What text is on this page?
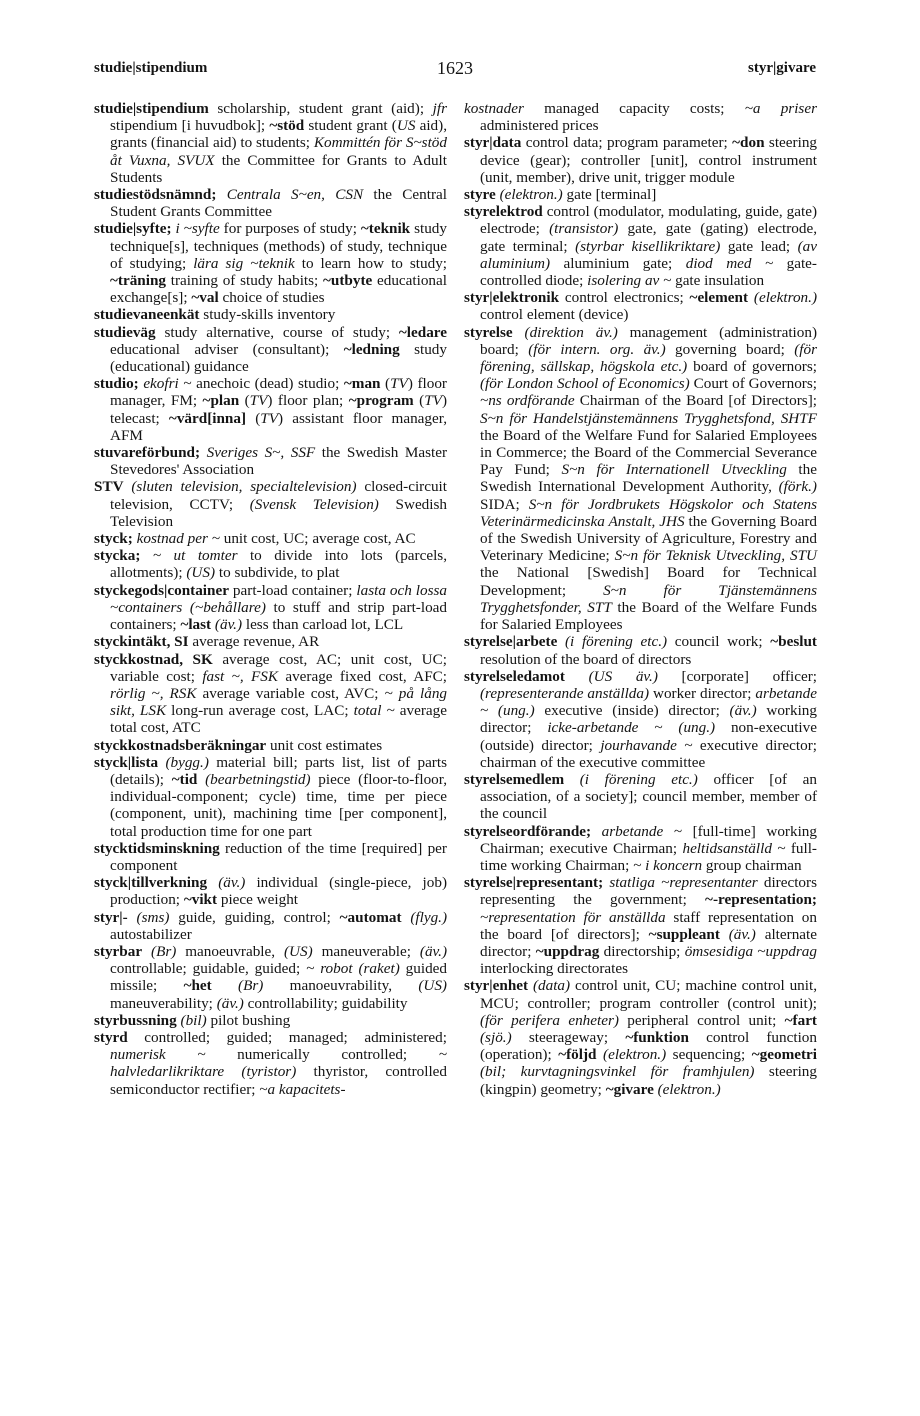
studie|stipendium	1623	styr|givare

studie|stipendium scholarship, student grant (aid); jfr stipendium [i huvudbok]; ~stöd student grant (US aid), grants (financial aid) to students; Kommittén för S~stöd åt Vuxna, SVUX the Committee for Grants to Adult Students

studiestödsnämnd; Centrala S~en, CSN the Central Student Grants Committee

studie|syfte; i ~syfte for purposes of study; ~teknik study technique[s], techniques (methods) of study, technique of studying; lära sig ~teknik to learn how to study; ~träning training of study habits; ~utbyte educational exchange[s]; ~val choice of studies

studievaneenkät study-skills inventory

studieväg study alternative, course of study; ~ledare educational adviser (consultant); ~ledning study (educational) guidance

studio; ekofri ~ anechoic (dead) studio; ~man (TV) floor manager, FM; ~plan (TV) floor plan; ~program (TV) telecast; ~värd[inna] (TV) assistant floor manager, AFM

stuvareförbund; Sveriges S~, SSF the Swedish Master Stevedores' Association

STV (sluten television, specialtelevision) closed-circuit television, CCTV; (Svensk Television) Swedish Television

styck; kostnad per ~ unit cost, UC; average cost, AC

stycka; ~ ut tomter to divide into lots (parcels, allotments); (US) to subdivide, to plat

styckegods|container part-load container; lasta och lossa ~containers (~behållare) to stuff and strip part-load containers; ~last (äv.) less than carload lot, LCL

styckintäkt, SI average revenue, AR

styckkostnad, SK average cost, AC; unit cost, UC; variable cost; fast ~, FSK average fixed cost, AFC; rörlig ~, RSK average variable cost, AVC; ~ på lång sikt, LSK long-run average cost, LAC; total ~ average total cost, ATC

styckkostnadsberäkningar unit cost estimates

styck|lista (bygg.) material bill; parts list, list of parts (details); ~tid (bearbetningstid) piece (floor-to-floor, individual-component; cycle) time, time per piece (component, unit), machining time [per component], total production time for one part

stycktidsminskning reduction of the time [required] per component

styck|tillverkning (äv.) individual (single-piece, job) production; ~vikt piece weight

styr|- (sms) guide, guiding, control; ~automat (flyg.) autostabilizer

styrbar (Br) manoeuvrable, (US) maneuverable; (äv.) controllable; guidable, guided; ~ robot (raket) guided missile; ~het (Br) manoeuvrability, (US) maneuverability; (äv.) controllability; guidability

styrbussning (bil) pilot bushing

styrd controlled; guided; managed; administered; numerisk ~ numerically controlled; ~ halvledarlikriktare (tyristor) thyristor, controlled semiconductor rectifier; ~a kapacitets-

kostnader managed capacity costs; ~a priser administered prices

styr|data control data; program parameter; ~don steering device (gear); controller [unit], control instrument (unit, member), drive unit, trigger module

styre (elektron.) gate [terminal]

styrelektrod control (modulator, modulating, guide, gate) electrode; (transistor) gate, gate (gating) electrode, gate terminal; (styrbar kisellikriktare) gate lead; (av aluminium) aluminium gate; diod med ~ gate-controlled diode; isolering av ~ gate insulation

styr|elektronik control electronics; ~element (elektron.) control element (device)

styrelse (direktion äv.) management (administration) board; (för intern. org. äv.) governing board; (för förening, sällskap, högskola etc.) board of governors; (för London School of Economics) Court of Governors; ~ns ordförande Chairman of the Board [of Directors]; S~n för Handelstjänstemännens Trygghetsfond, SHTF the Board of the Welfare Fund for Salaried Employees in Commerce; the Board of the Commercial Severance Pay Fund; S~n för Internationell Utveckling the Swedish International Development Authority, (förk.) SIDA; S~n för Jordbrukets Högskolor och Statens Veterinärmedicinska Anstalt, JHS the Governing Board of the Swedish University of Agriculture, Forestry and Veterinary Medicine; S~n för Teknisk Utveckling, STU the National [Swedish] Board for Technical Development; S~n för Tjänstemännens Trygghetsfonder, STT the Board of the Welfare Funds for Salaried Employees

styrelse|arbete (i förening etc.) council work; ~beslut resolution of the board of directors

styrelseledamot (US äv.) [corporate] officer; (representerande anställda) worker director; arbetande ~ (ung.) executive (inside) director; (äv.) working director; icke-arbetande ~ (ung.) non-executive (outside) director; jourhavande ~ executive director; chairman of the executive committee

styrelsemedlem (i förening etc.) officer [of an association, of a society]; council member, member of the council

styrelseordförande; arbetande ~ [full-time] working Chairman; executive Chairman; heltidsanställd ~ full-time working Chairman; ~ i koncern group chairman

styrelse|representant; statliga ~representanter directors representing the government; ~-representation; ~representation för anställda staff representation on the board [of directors]; ~suppleant (äv.) alternate director; ~uppdrag directorship; ömsesidiga ~uppdrag interlocking directorates

styr|enhet (data) control unit, CU; machine control unit, MCU; controller; program controller (control unit); (för perifera enheter) peripheral control unit; ~fart (sjö.) steerageway; ~funktion control function (operation); ~följd (elektron.) sequencing; ~geometri (bil; kurvtagningsvinkel för framhjulen) steering (kingpin) geometry; ~givare (elektron.)
